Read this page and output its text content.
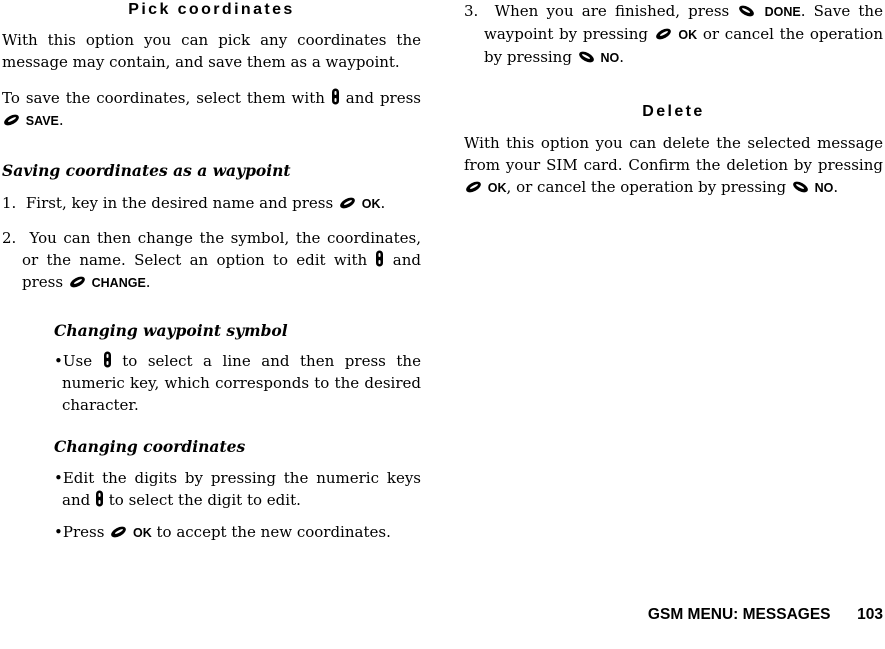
Pick coordinates

With this option you can pick any coordinates the message may contain, and save them as a waypoint.

To save the coordinates, select them with and press  SAVE.

Saving coordinates as a waypoint

1. First, key in the desired name and press OK.

2.  You can then change the symbol, the coordinates, or the name. Select an option to edit with and press CHANGE.

Changing waypoint symbol

•Use to select a line and then press the numeric key, which corresponds to the desired character.

Changing coordinates

•Edit the digits by pressing the numeric keys and to select the digit to edit.

•Press OK to accept the new coordinates.

3. When you are finished, press	DONE. Save the waypoint by pressing OK or cancel the operation by pressing NO.

Delete

With this option you can delete the selected message from your SIM card. Confirm the deletion by pressing  OK, or cancel the operation by pressing NO.

GSM MENU: MESSAGES 103
